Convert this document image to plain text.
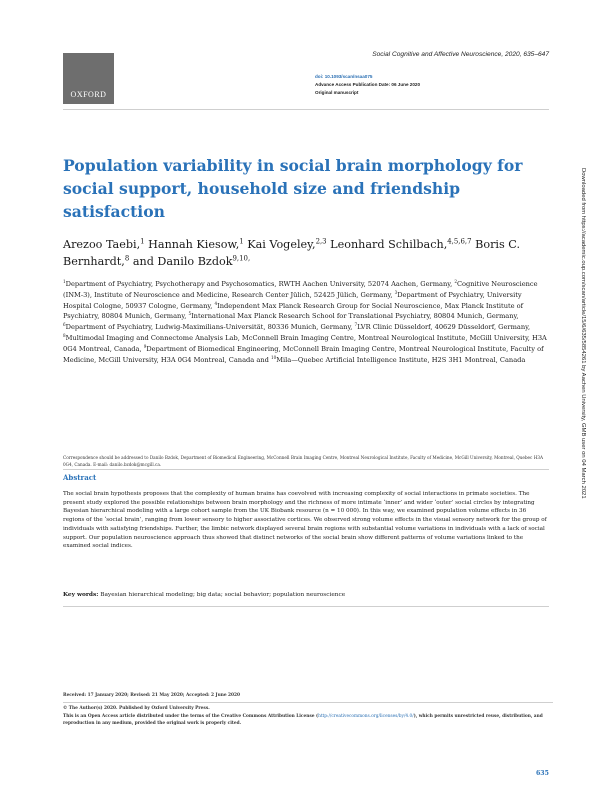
OXFORD
Social Cognitive and Affective Neuroscience, 2020, 635–647
doi: 10.1093/scan/nsaa075
Advance Access Publication Date: 06 June 2020
Original manuscript
Population variability in social brain morphology for social support, household size and friendship satisfaction
Arezoo Taebi,$^1$ Hannah Kiesow,$^1$ Kai Vogeley,$^{2,3}$ Leonhard Schilbach,$^{4,5,6,7}$ Boris C. Bernhardt,$^8$ and Danilo Bzdok$^{9,10,}$
$^1$Department of Psychiatry, Psychotherapy and Psychosomatics, RWTH Aachen University, 52074 Aachen, Germany, $^2$Cognitive Neuroscience (INM-3), Institute of Neuroscience and Medicine, Research Center Jülich, 52425 Jülich, Germany, $^3$Department of Psychiatry, University Hospital Cologne, 50937 Cologne, Germany, $^4$Independent Max Planck Research Group for Social Neuroscience, Max Planck Institute of Psychiatry, 80804 Munich, Germany, $^5$International Max Planck Research School for Translational Psychiatry, 80804 Munich, Germany, $^6$Department of Psychiatry, Ludwig-Maximilians-Universität, 80336 Munich, Germany, $^7$LVR Clinic Düsseldorf, 40629 Düsseldorf, Germany, $^8$Multimodal Imaging and Connectome Analysis Lab, McConnell Brain Imaging Centre, Montreal Neurological Institute, McGill University, H3A 0G4 Montreal, Canada, $^9$Department of Biomedical Engineering, McConnell Brain Imaging Centre, Montreal Neurological Institute, Faculty of Medicine, McGill University, H3A 0G4 Montreal, Canada and $^{10}$Mila—Quebec Artificial Intelligence Institute, H2S 3H1 Montreal, Canada
Correspondence should be addressed to Danilo Bzdok, Department of Biomedical Engineering, McConnell Brain Imaging Centre, Montreal Neurological Institute, Faculty of Medicine, McGill University, Montreal, Quebec H3A 0G4, Canada. E-mail: danilo.bzdok@mcgill.ca.
Abstract
The social brain hypothesis proposes that the complexity of human brains has coevolved with increasing complexity of social interactions in primate societies. The present study explored the possible relationships between brain morphology and the richness of more intimate ‘inner’ and wider ‘outer’ social circles by integrating Bayesian hierarchical modeling with a large cohort sample from the UK Biobank resource (n = 10 000). In this way, we examined population volume effects in 36 regions of the ‘social brain’, ranging from lower sensory to higher associative cortices. We observed strong volume effects in the visual sensory network for the group of individuals with satisfying friendships. Further, the limbic network displayed several brain regions with substantial volume variations in individuals with a lack of social support. Our population neuroscience approach thus showed that distinct networks of the social brain show different patterns of volume variations linked to the examined social indices.
Key words: Bayesian hierarchical modeling; big data; social behavior; population neuroscience
Received: 17 January 2020; Revised: 21 May 2020; Accepted: 2 June 2020
© The Author(s) 2020. Published by Oxford University Press.
This is an Open Access article distributed under the terms of the Creative Commons Attribution License (http://creativecommons.org/licenses/by/4.0/), which permits unrestricted reuse, distribution, and reproduction in any medium, provided the original work is properly cited.
635
Downloaded from https://academic.oup.com/scan/article/15/6/635/5854261 by Aachen University, GMB user on 04 March 2021
